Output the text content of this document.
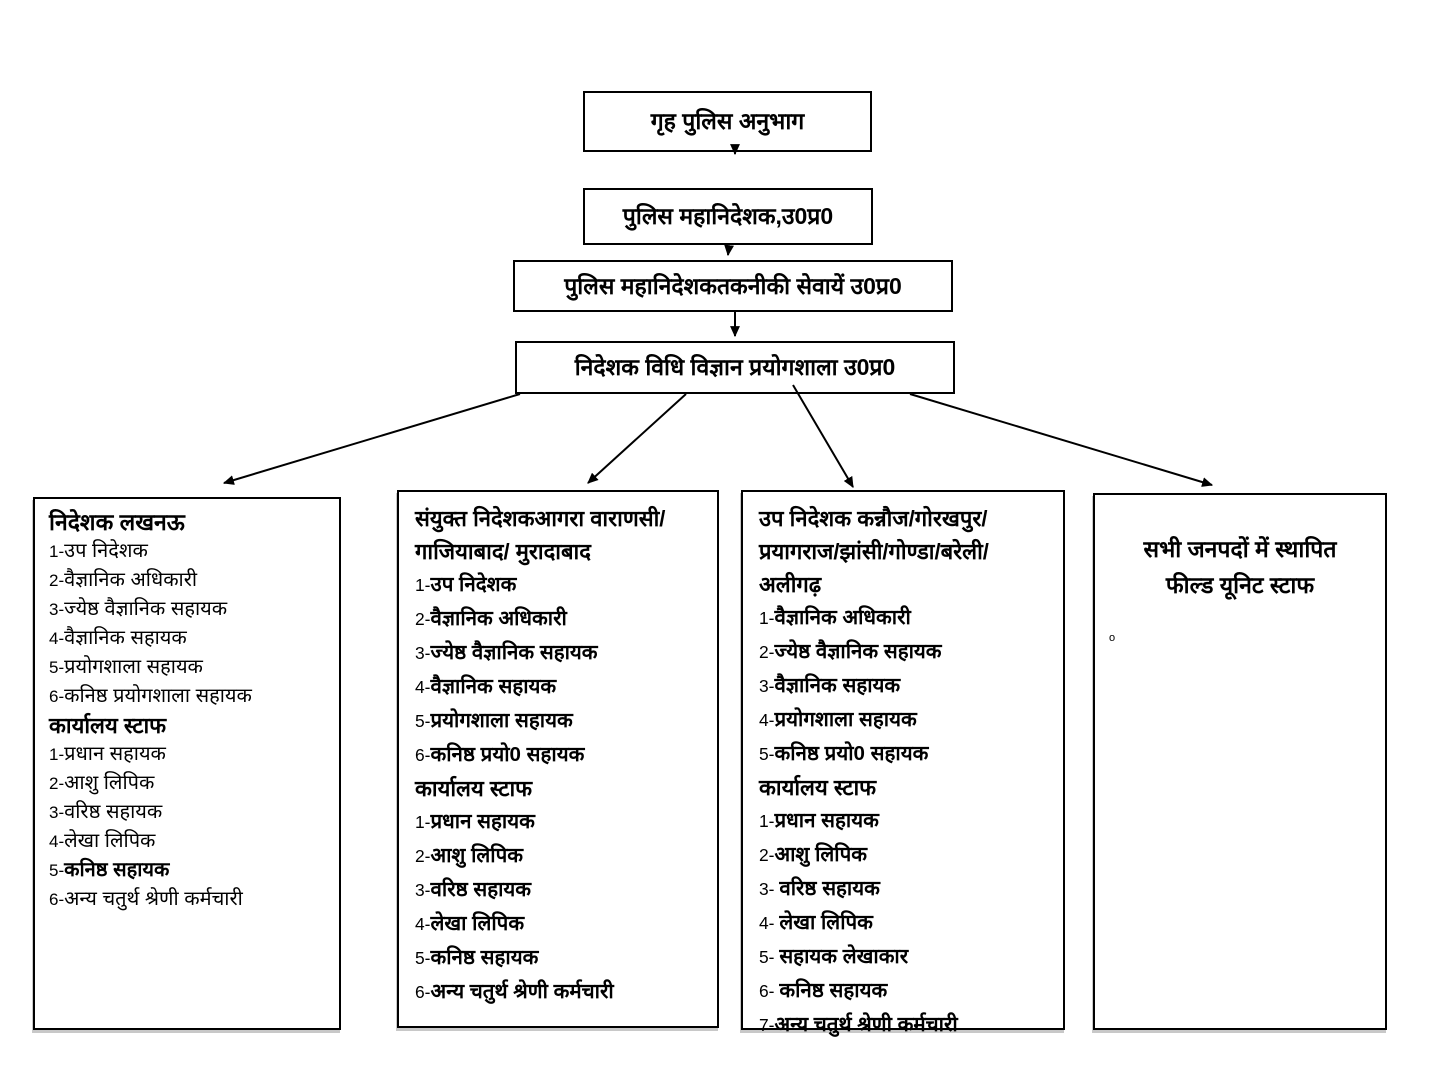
गृह पुलिस अनुभाग
पुलिस महानिदेशक,उ0प्र0
पुलिस महानिदेशकतकनीकी सेवायें उ0प्र0
निदेशक विधि विज्ञान प्रयोगशाला उ0प्र0
निदेशक लखनऊ
1-उप निदेशक
2-वैज्ञानिक अधिकारी
3-ज्येष्ठ वैज्ञानिक सहायक
4-वैज्ञानिक सहायक
5-प्रयोगशाला सहायक
6-कनिष्ठ प्रयोगशाला सहायक
कार्यालय स्टाफ
1-प्रधान सहायक
2-आशु लिपिक
3-वरिष्ठ सहायक
4-लेखा लिपिक
5-कनिष्ठ सहायक
6-अन्य चतुर्थ श्रेणी कर्मचारी
संयुक्त निदेशकआगरा वाराणसी/
गाजियाबाद/ मुरादाबाद
1-उप निदेशक
2-वैज्ञानिक अधिकारी
3-ज्येष्ठ वैज्ञानिक सहायक
4-वैज्ञानिक सहायक
5-प्रयोगशाला सहायक
6-कनिष्ठ प्रयो0 सहायक
कार्यालय स्टाफ
1-प्रधान सहायक
2-आशु लिपिक
3-वरिष्ठ सहायक
4-लेखा लिपिक
5-कनिष्ठ सहायक
6-अन्य चतुर्थ श्रेणी कर्मचारी
उप निदेशक कन्नौज/गोरखपुर/
प्रयागराज/झांसी/गोण्डा/बरेली/
अलीगढ़
1-वैज्ञानिक अधिकारी
2-ज्येष्ठ वैज्ञानिक सहायक
3-वैज्ञानिक सहायक
4-प्रयोगशाला सहायक
5-कनिष्ठ प्रयो0 सहायक
कार्यालय स्टाफ
1-प्रधान सहायक
2-आशु लिपिक
3- वरिष्ठ सहायक
4- लेखा लिपिक
5- सहायक लेखाकार
6- कनिष्ठ सहायक
7-अन्य चतुर्थ श्रेणी कर्मचारी
सभी जनपदों में स्थापित
फील्ड यूनिट स्टाफ
o
